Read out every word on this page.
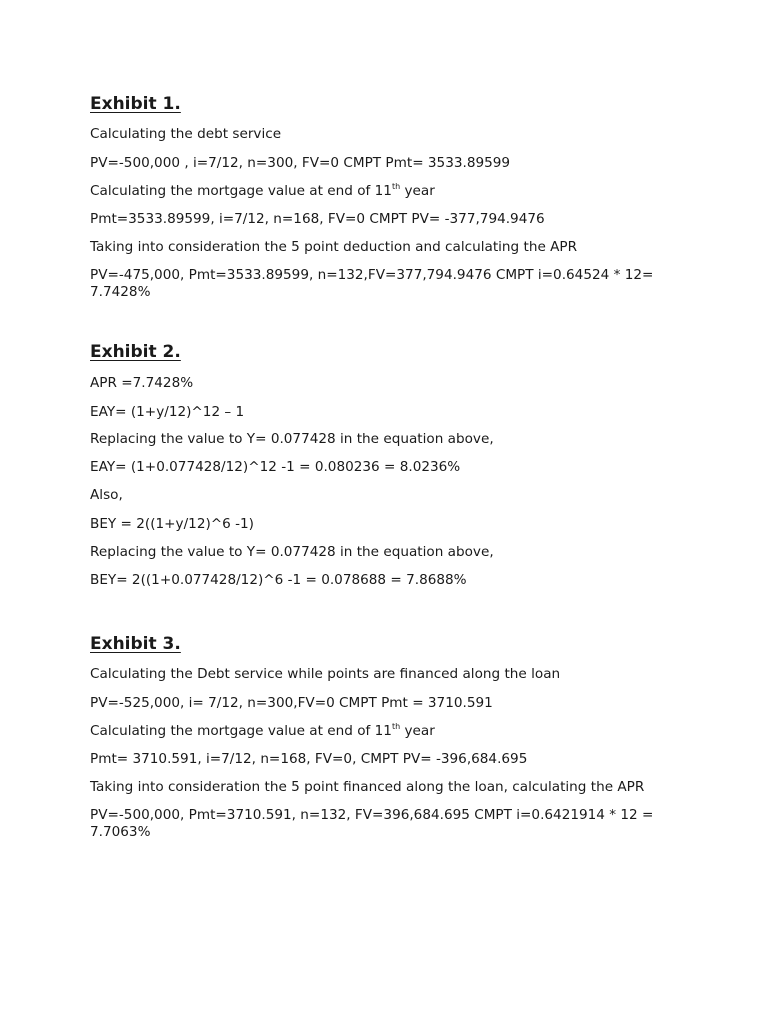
Exhibit 1.
Calculating the debt service
PV=-500,000 , i=7/12, n=300, FV=0 CMPT Pmt= 3533.89599
Calculating the mortgage value at end of 11th year
Pmt=3533.89599, i=7/12, n=168, FV=0 CMPT PV= -377,794.9476
Taking into consideration the 5 point deduction and calculating the APR
PV=-475,000, Pmt=3533.89599, n=132,FV=377,794.9476 CMPT i=0.64524 * 12= 7.7428%
Exhibit 2.
APR =7.7428%
EAY= (1+y/12)^12 – 1
Replacing the value to Y= 0.077428 in the equation above,
EAY= (1+0.077428/12)^12 -1 = 0.080236 = 8.0236%
Also,
BEY = 2((1+y/12)^6 -1)
Replacing the value to Y= 0.077428 in the equation above,
BEY= 2((1+0.077428/12)^6 -1 = 0.078688 = 7.8688%
Exhibit 3.
Calculating the Debt service while points are financed along the loan
PV=-525,000, i= 7/12, n=300,FV=0 CMPT Pmt = 3710.591
Calculating the mortgage value at end of 11th year
Pmt= 3710.591, i=7/12, n=168, FV=0, CMPT PV= -396,684.695
Taking into consideration the 5 point financed along the loan, calculating the APR
PV=-500,000, Pmt=3710.591, n=132, FV=396,684.695 CMPT i=0.6421914 * 12 = 7.7063%
